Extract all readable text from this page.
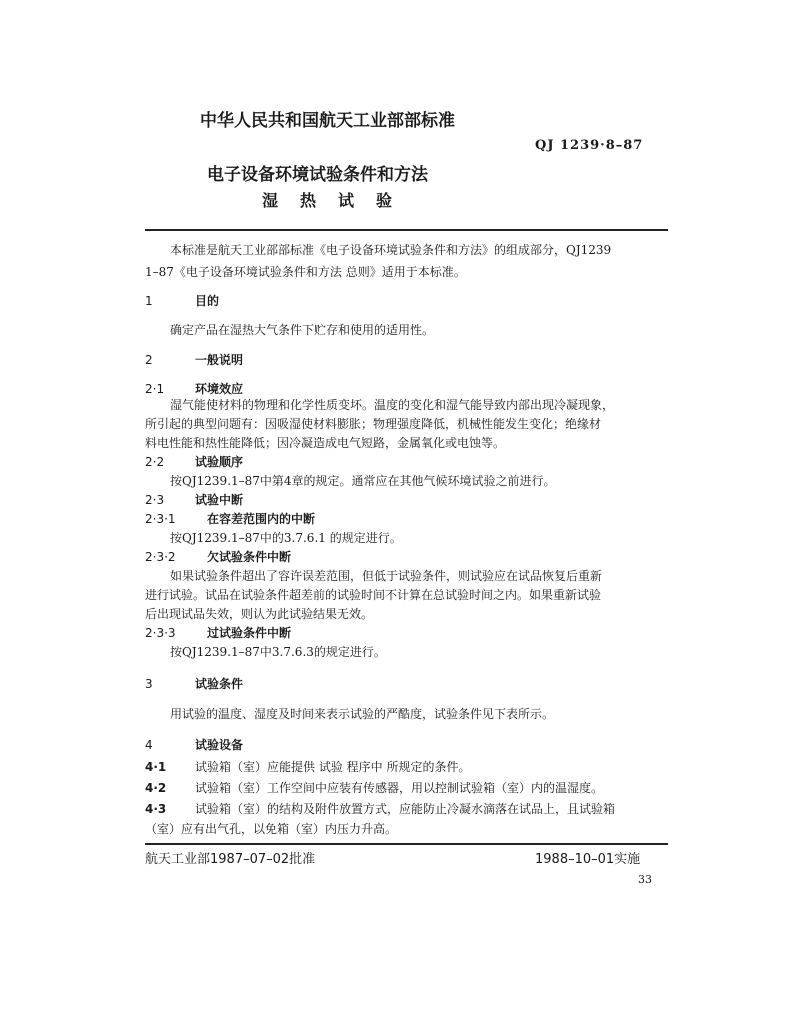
中华人民共和国航天工业部部标准
QJ 1239·8–87
电子设备环境试验条件和方法
湿热试验
本标准是航天工业部部标准《电子设备环境试验条件和方法》的组成部分，QJ1239
1–87《电子设备环境试验条件和方法 总则》适用于本标准。
1	目的
确定产品在湿热大气条件下贮存和使用的适用性。
2	一般说明
2·1	环境效应
湿气能使材料的物理和化学性质变坏。温度的变化和湿气能导致内部出现冷凝现象，
所引起的典型问题有：因吸湿使材料膨胀；物理强度降低，机械性能发生变化；绝缘材
料电性能和热性能降低；因冷凝造成电气短路，金属氧化或电蚀等。
2·2	试验顺序
按QJ1239.1–87中第4章的规定。通常应在其他气候环境试验之前进行。
2·3	试验中断
2·3·1	在容差范围内的中断
按QJ1239.1–87中的3.7.6.1 的规定进行。
2·3·2	欠试验条件中断
如果试验条件超出了容许误差范围，但低于试验条件，则试验应在试品恢复后重新
进行试验。试品在试验条件超差前的试验时间不计算在总试验时间之内。如果重新试验
后出现试品失效，则认为此试验结果无效。
2·3·3	过试验条件中断
按QJ1239.1–87中3.7.6.3的规定进行。
3	试验条件
用试验的温度、湿度及时间来表示试验的严酷度，试验条件见下表所示。
4	试验设备
4·1 试验箱（室）应能提供 试验 程序中 所规定的条件。
4·2 试验箱（室）工作空间中应装有传感器，用以控制试验箱（室）内的温湿度。
4·3 试验箱（室）的结构及附件放置方式，应能防止冷凝水滴落在试品上，且试验箱
（室）应有出气孔，以免箱（室）内压力升高。
航天工业部1987–07–02批准	1988–10–01实施
33
